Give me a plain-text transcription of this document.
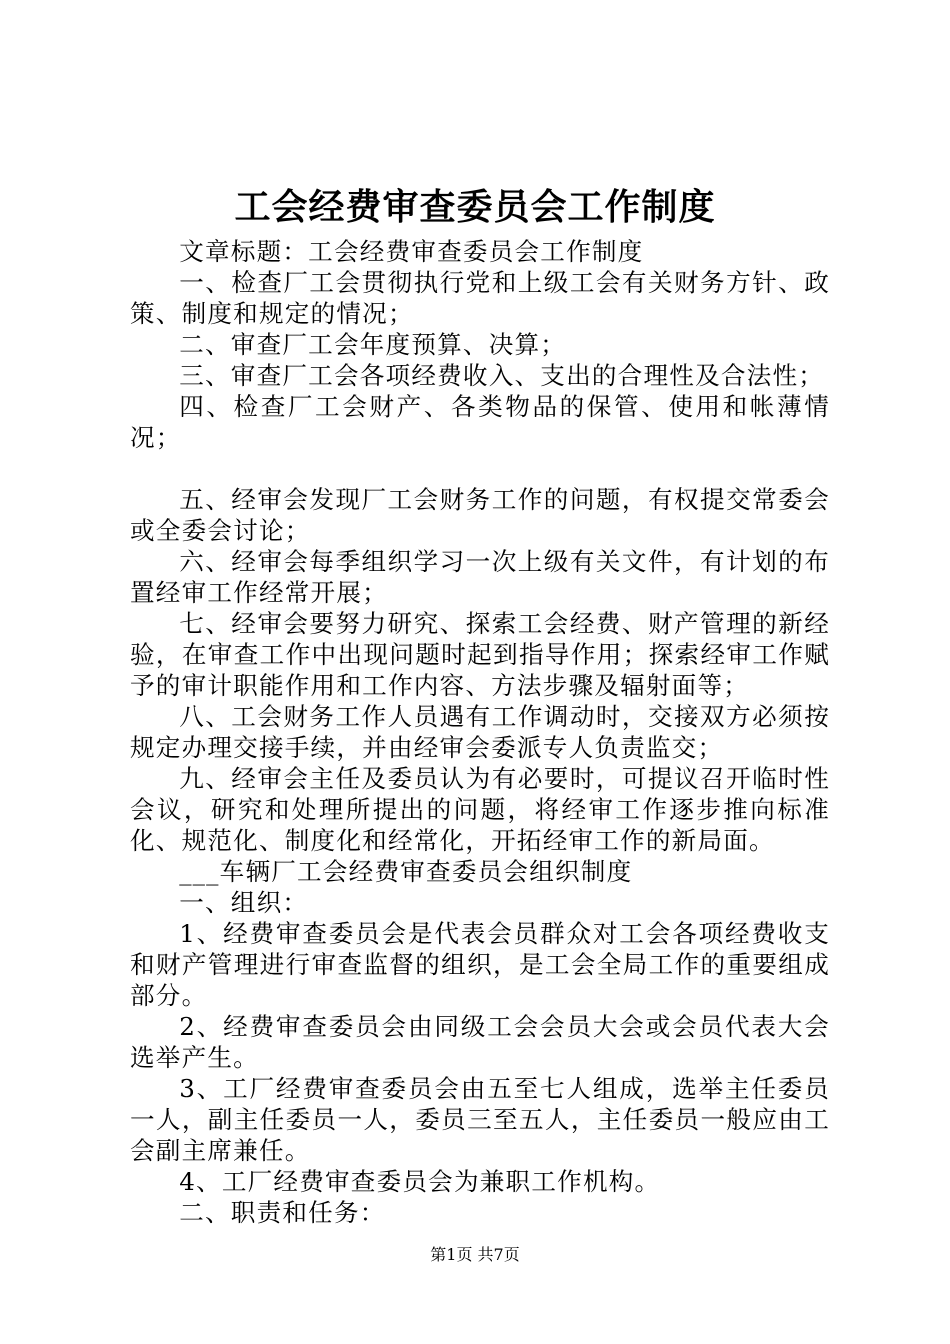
工会经费审查委员会工作制度

文章标题：工会经费审查委员会工作制度

一、检查厂工会贯彻执行党和上级工会有关财务方针、政策、制度和规定的情况；

二、审查厂工会年度预算、决算；

三、审查厂工会各项经费收入、支出的合理性及合法性；

四、检查厂工会财产、各类物品的保管、使用和帐薄情况；

五、经审会发现厂工会财务工作的问题，有权提交常委会或全委会讨论；

六、经审会每季组织学习一次上级有关文件，有计划的布置经审工作经常开展；

七、经审会要努力研究、探索工会经费、财产管理的新经验，在审查工作中出现问题时起到指导作用；探索经审工作赋予的审计职能作用和工作内容、方法步骤及辐射面等；

八、工会财务工作人员遇有工作调动时，交接双方必须按规定办理交接手续，并由经审会委派专人负责监交；

九、经审会主任及委员认为有必要时，可提议召开临时性会议，研究和处理所提出的问题，将经审工作逐步推向标准化、规范化、制度化和经常化，开拓经审工作的新局面。

___车辆厂工会经费审查委员会组织制度

一、组织：

1、经费审查委员会是代表会员群众对工会各项经费收支和财产管理进行审查监督的组织，是工会全局工作的重要组成部分。

2、经费审查委员会由同级工会会员大会或会员代表大会选举产生。

3、工厂经费审查委员会由五至七人组成，选举主任委员一人，副主任委员一人，委员三至五人，主任委员一般应由工会副主席兼任。

4、工厂经费审查委员会为兼职工作机构。

二、职责和任务：

第1页 共7页
